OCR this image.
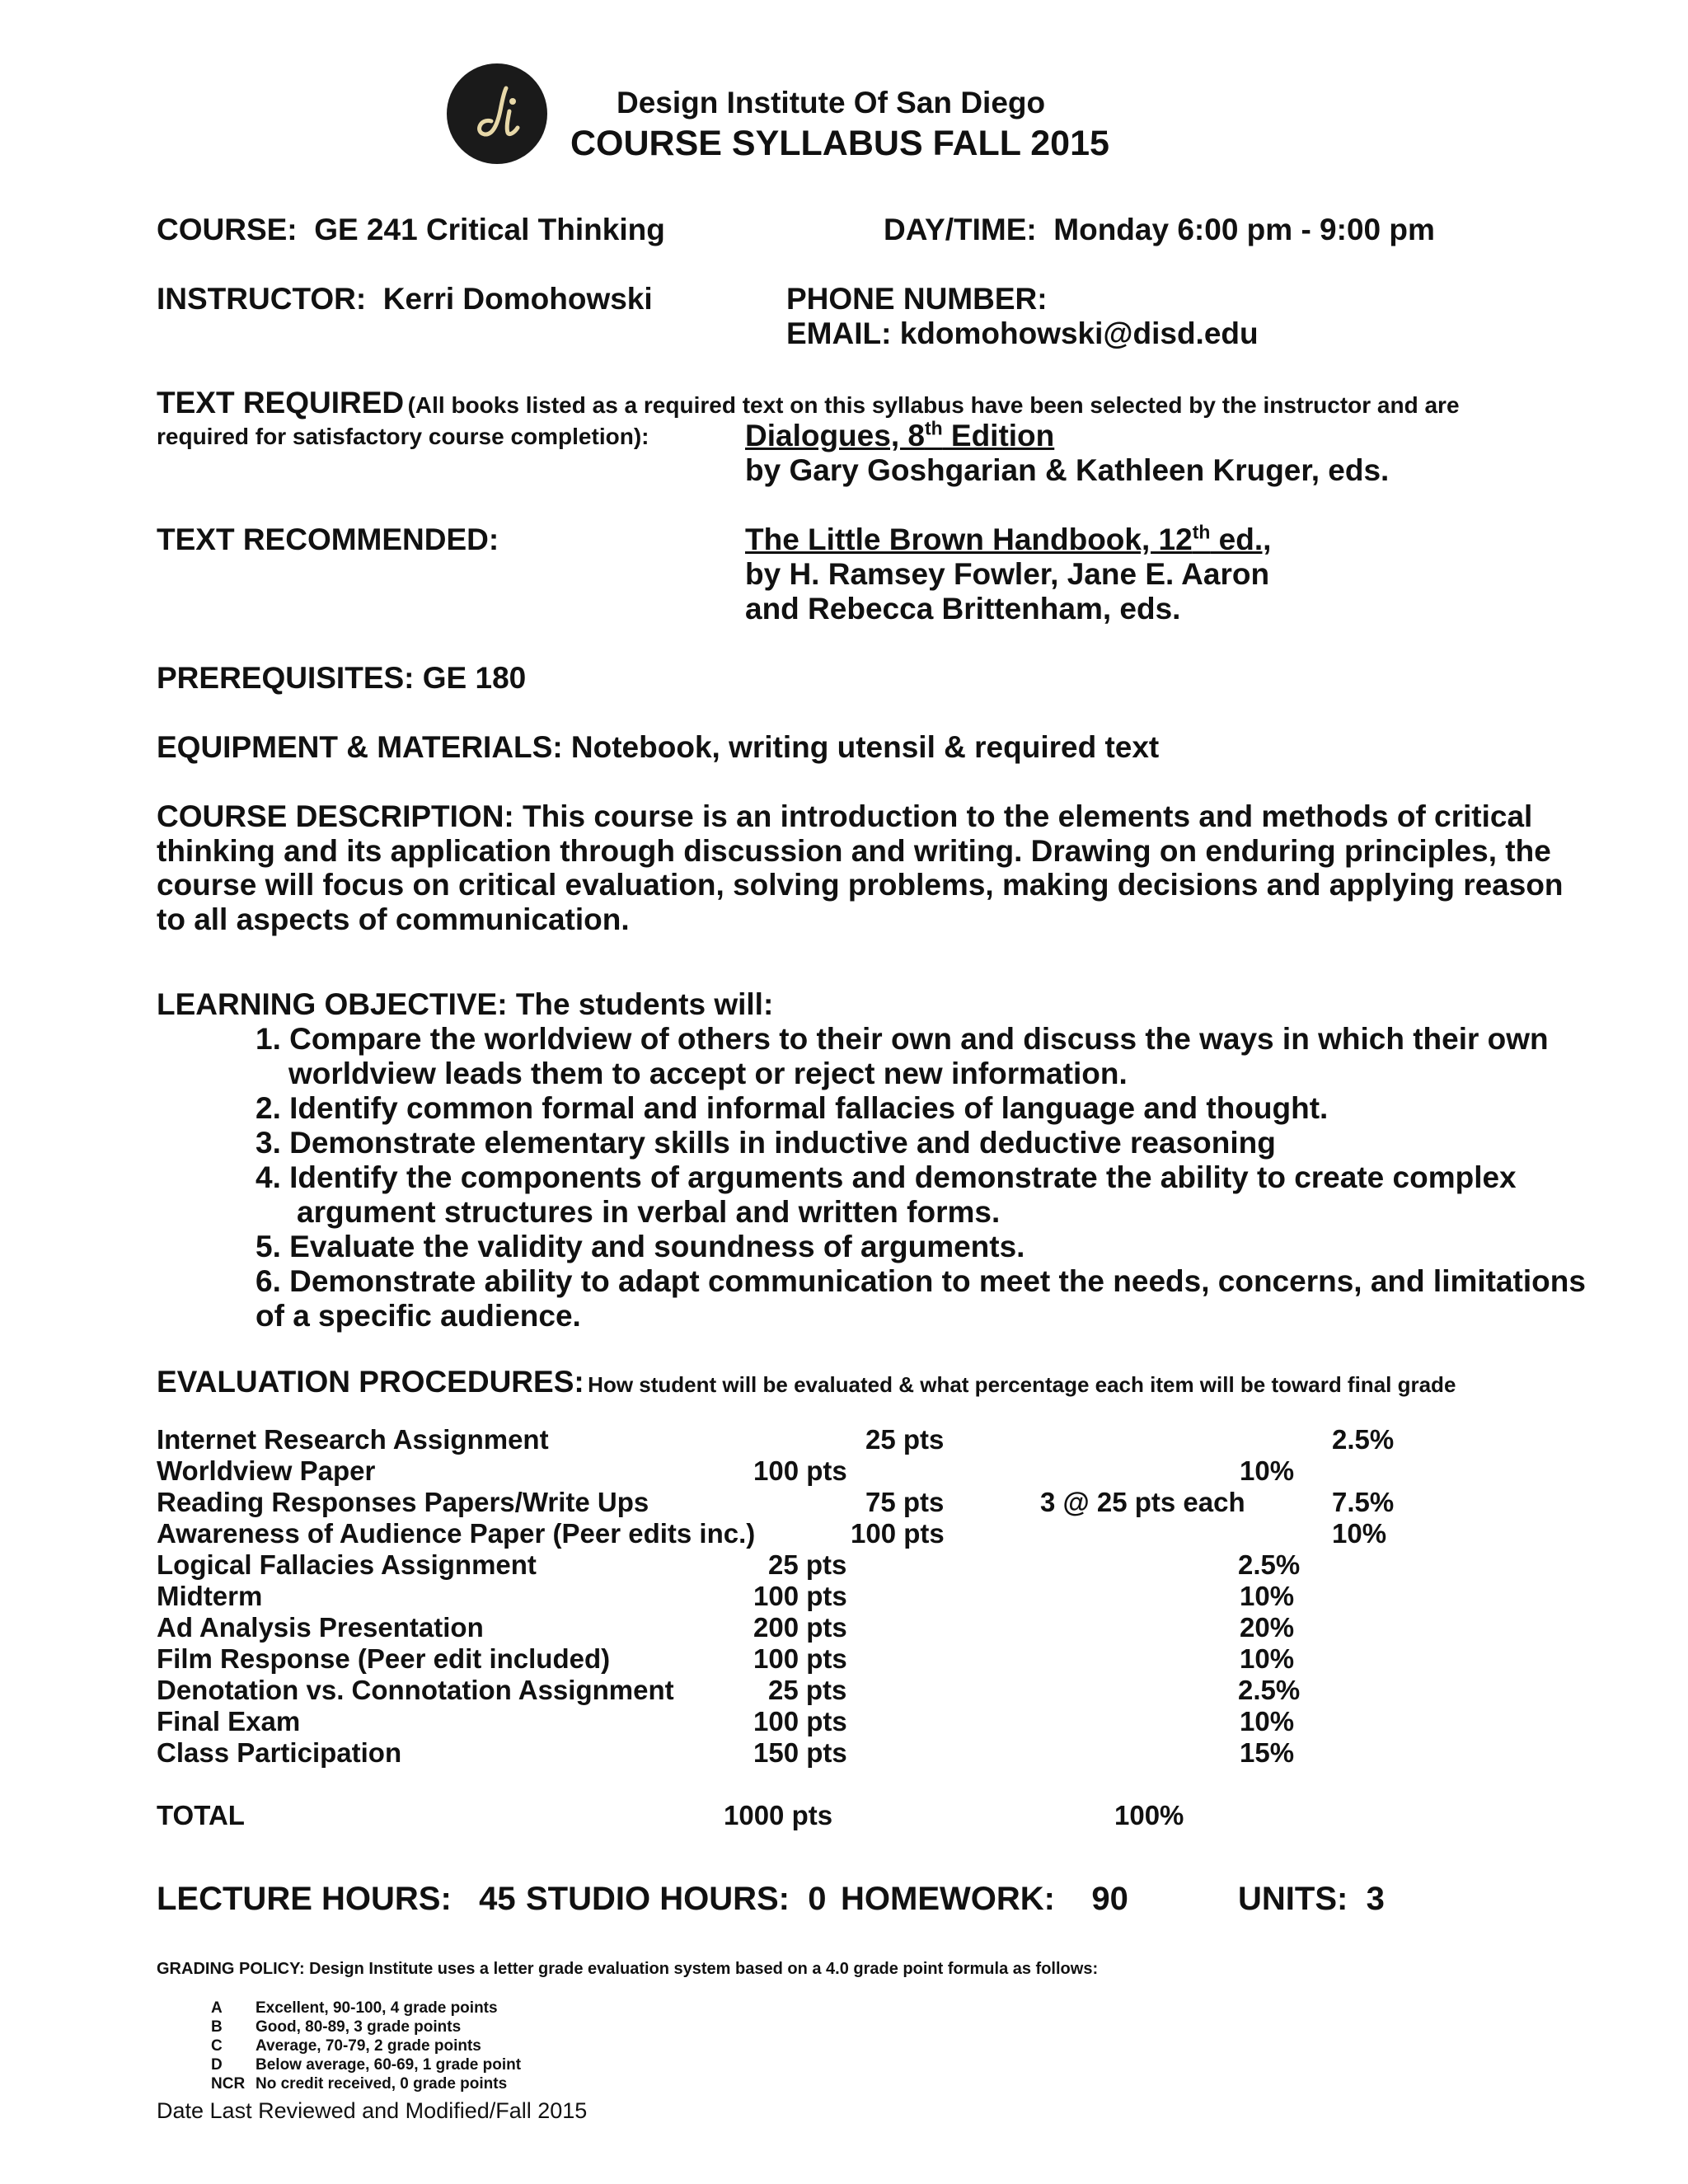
Design Institute Of San Diego
COURSE SYLLABUS FALL 2015
COURSE: GE 241 Critical Thinking	DAY/TIME: Monday 6:00 pm - 9:00 pm
INSTRUCTOR: Kerri Domohowski	PHONE NUMBER:
EMAIL: kdomohowski@disd.edu
TEXT REQUIRED (All books listed as a required text on this syllabus have been selected by the instructor and are
required for satisfactory course completion):	Dialogues, 8th Edition
by Gary Goshgarian & Kathleen Kruger, eds.
TEXT RECOMMENDED:	The Little Brown Handbook, 12th ed.,
by H. Ramsey Fowler, Jane E. Aaron
and Rebecca Brittenham, eds.
PREREQUISITES: GE 180
EQUIPMENT & MATERIALS: Notebook, writing utensil & required text
COURSE DESCRIPTION: This course is an introduction to the elements and methods of critical
thinking and its application through discussion and writing. Drawing on enduring principles, the
course will focus on critical evaluation, solving problems, making decisions and applying reason
to all aspects of communication.
LEARNING OBJECTIVE: The students will:
1. Compare the worldview of others to their own and discuss the ways in which their own
worldview leads them to accept or reject new information.
2. Identify common formal and informal fallacies of language and thought.
3. Demonstrate elementary skills in inductive and deductive reasoning
4. Identify the components of arguments and demonstrate the ability to create complex
argument structures in verbal and written forms.
5. Evaluate the validity and soundness of arguments.
6. Demonstrate ability to adapt communication to meet the needs, concerns, and limitations
of a specific audience.
EVALUATION PROCEDURES: How student will be evaluated & what percentage each item will be toward final grade
Internet Research Assignment	25 pts	2.5%
Worldview Paper	100 pts	10%
Reading Responses Papers/Write Ups	75 pts	3 @ 25 pts each	7.5%
Awareness of Audience Paper (Peer edits inc.)	100 pts	10%
Logical Fallacies Assignment	25 pts	2.5%
Midterm	100 pts	10%
Ad Analysis Presentation	200 pts	20%
Film Response (Peer edit included)	100 pts	10%
Denotation vs. Connotation Assignment	25 pts	2.5%
Final Exam	100 pts	10%
Class Participation	150 pts	15%
TOTAL	1000 pts	100%
LECTURE HOURS: 45 STUDIO HOURS: 0 HOMEWORK: 90	UNITS: 3
GRADING POLICY: Design Institute uses a letter grade evaluation system based on a 4.0 grade point formula as follows:
A Excellent, 90-100, 4 grade points
B Good, 80-89, 3 grade points
C Average, 70-79, 2 grade points
D Below average, 60-69, 1 grade point
NCR No credit received, 0 grade points
Date Last Reviewed and Modified/Fall 2015
